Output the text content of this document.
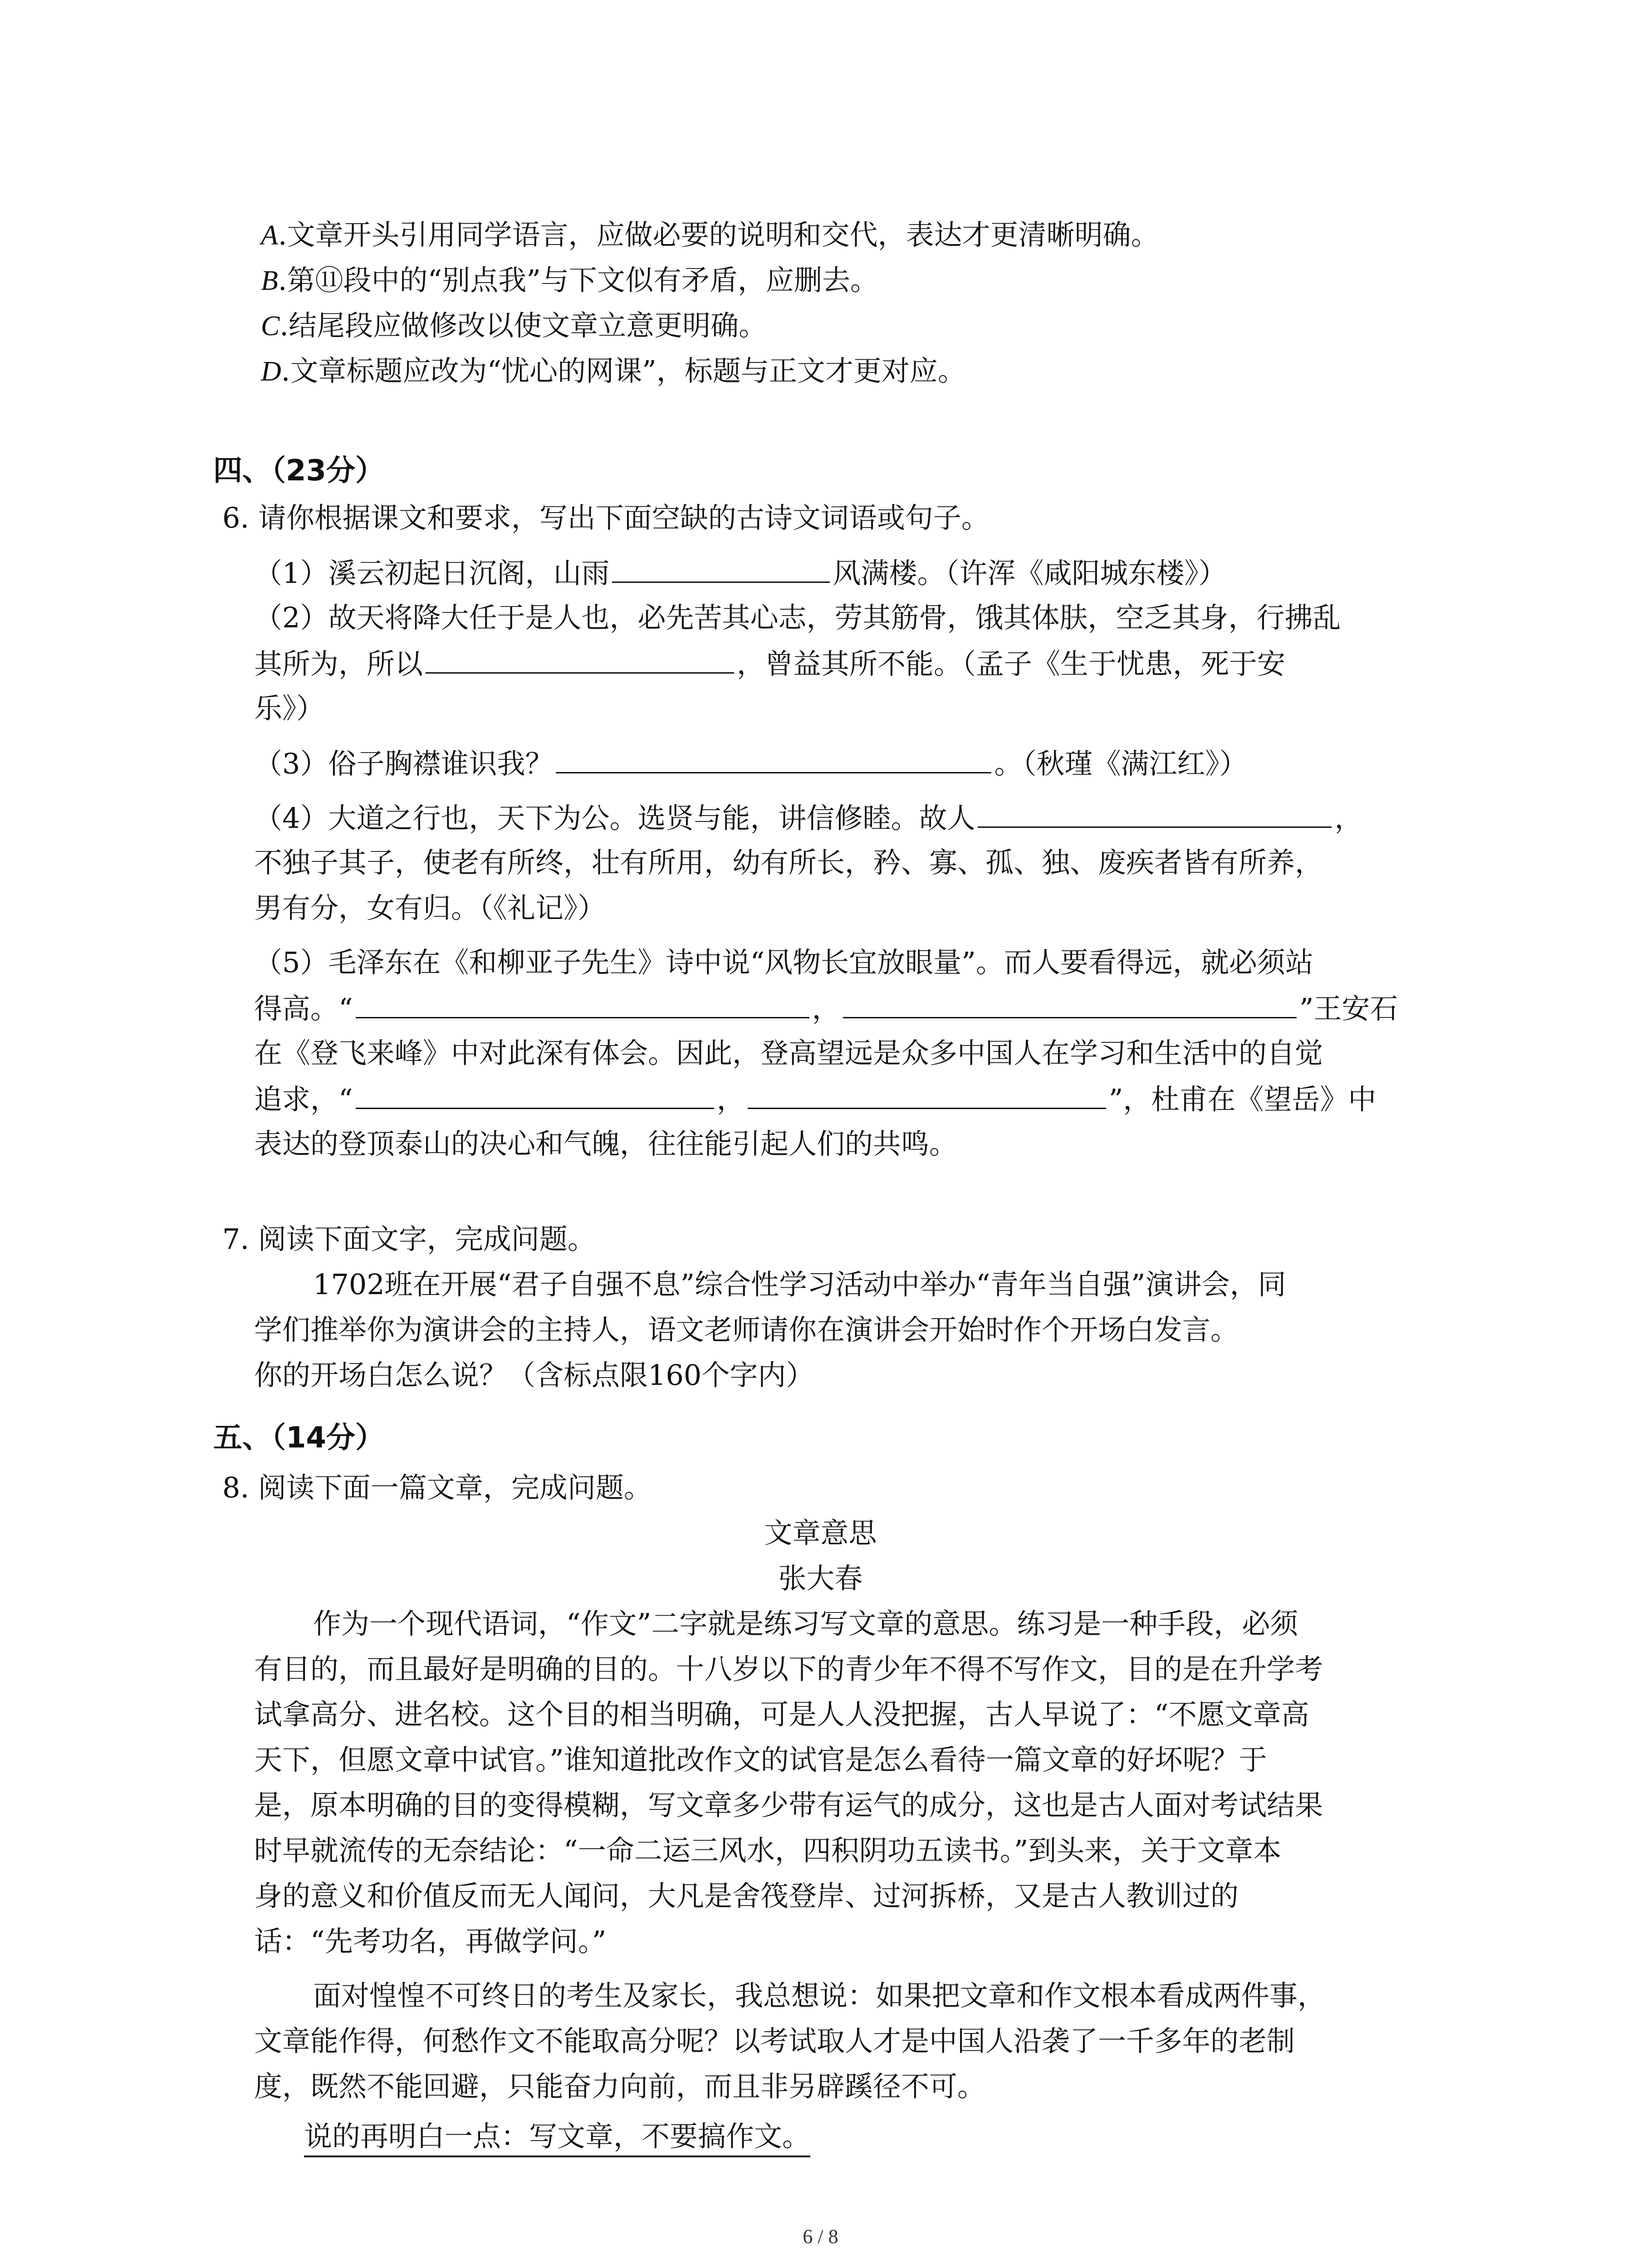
A.文章开头引用同学语言，应做必要的说明和交代，表达才更清晰明确。
B.第⑪段中的“别点我”与下文似有矛盾，应删去。
C.结尾段应做修改以使文章立意更明确。
D.文章标题应改为“忧心的网课”，标题与正文才更对应。
四、（23分）
6. 请你根据课文和要求，写出下面空缺的古诗文词语或句子。
（1）溪云初起日沉阁，山雨	风满楼。（许浑《咸阳城东楼》）
（2）故天将降大任于是人也，必先苦其心志，劳其筋骨，饿其体肤，空乏其身，行拂乱
其所为，所以	，曾益其所不能。（孟子《生于忧患，死于安
乐》）
（3）俗子胸襟谁识我？	。（秋瑾《满江红》）
（4）大道之行也，天下为公。选贤与能，讲信修睦。故人	，
不独子其子，使老有所终，壮有所用，幼有所长，矜、寡、孤、独、废疾者皆有所养，
男有分，女有归。（《礼记》）
（5）毛泽东在《和柳亚子先生》诗中说“风物长宜放眼量”。而人要看得远，就必须站
得高。“	，	”王安石
在《登飞来峰》中对此深有体会。因此，登高望远是众多中国人在学习和生活中的自觉
追求，“	，	”，杜甫在《望岳》中
表达的登顶泰山的决心和气魄，往往能引起人们的共鸣。
7. 阅读下面文字，完成问题。
1702班在开展“君子自强不息”综合性学习活动中举办“青年当自强”演讲会，同
学们推举你为演讲会的主持人，语文老师请你在演讲会开始时作个开场白发言。
你的开场白怎么说？（含标点限160个字内）
五、（14分）
8. 阅读下面一篇文章，完成问题。
文章意思
张大春
作为一个现代语词，“作文”二字就是练习写文章的意思。练习是一种手段，必须
有目的，而且最好是明确的目的。十八岁以下的青少年不得不写作文，目的是在升学考
试拿高分、进名校。这个目的相当明确，可是人人没把握，古人早说了：“不愿文章高
天下，但愿文章中试官。”谁知道批改作文的试官是怎么看待一篇文章的好坏呢？于
是，原本明确的目的变得模糊，写文章多少带有运气的成分，这也是古人面对考试结果
时早就流传的无奈结论：“一命二运三风水，四积阴功五读书。”到头来，关于文章本
身的意义和价值反而无人闻问，大凡是舍筏登岸、过河拆桥，又是古人教训过的
话：“先考功名，再做学问。”
面对惶惶不可终日的考生及家长，我总想说：如果把文章和作文根本看成两件事，
文章能作得，何愁作文不能取高分呢？以考试取人才是中国人沿袭了一千多年的老制
度，既然不能回避，只能奋力向前，而且非另辟蹊径不可。
说的再明白一点：写文章，不要搞作文。
6 / 8
